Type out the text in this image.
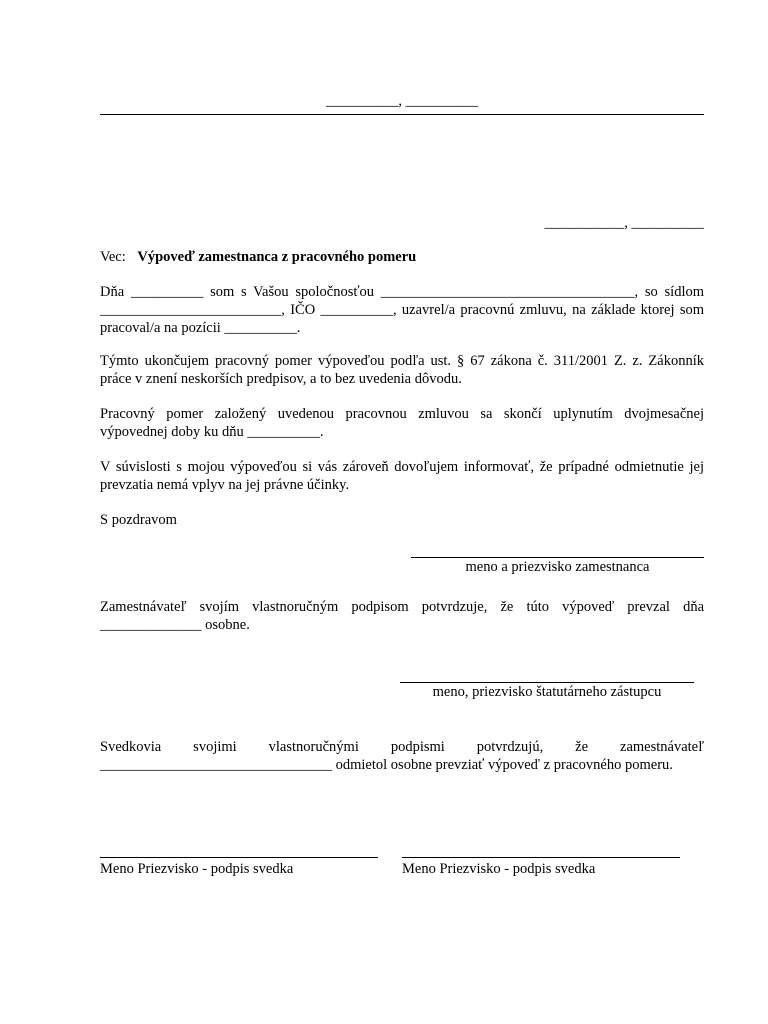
__________, __________
___________, __________
Vec: Výpoveď zamestnanca z pracovného pomeru
Dňa __________ som s Vašou spoločnosťou ___________________________________, so sídlom _________________________, IČO __________, uzavrel/a pracovnú zmluvu, na základe ktorej som pracoval/a na pozícii __________.
Týmto ukončujem pracovný pomer výpoveďou podľa ust. § 67 zákona č. 311/2001 Z. z. Zákonník práce v znení neskorších predpisov, a to bez uvedenia dôvodu.
Pracovný pomer založený uvedenou pracovnou zmluvou sa skončí uplynutím dvojmesačnej výpovednej doby ku dňu __________.
V súvislosti s mojou výpoveďou si vás zároveň dovoľujem informovať, že prípadné odmietnutie jej prevzatia nemá vplyv na jej právne účinky.
S pozdravom
meno a priezvisko zamestnanca
Zamestnávateľ svojím vlastnoručným podpisom potvrdzuje, že túto výpoveď prevzal dňa ______________ osobne.
meno, priezvisko štatutárneho zástupcu
Svedkovia svojimi vlastnoručnými podpismi potvrdzujú, že zamestnávateľ ________________________________ odmietol osobne prevziať výpoveď z pracovného pomeru.
Meno Priezvisko - podpis svedka	Meno Priezvisko - podpis svedka
